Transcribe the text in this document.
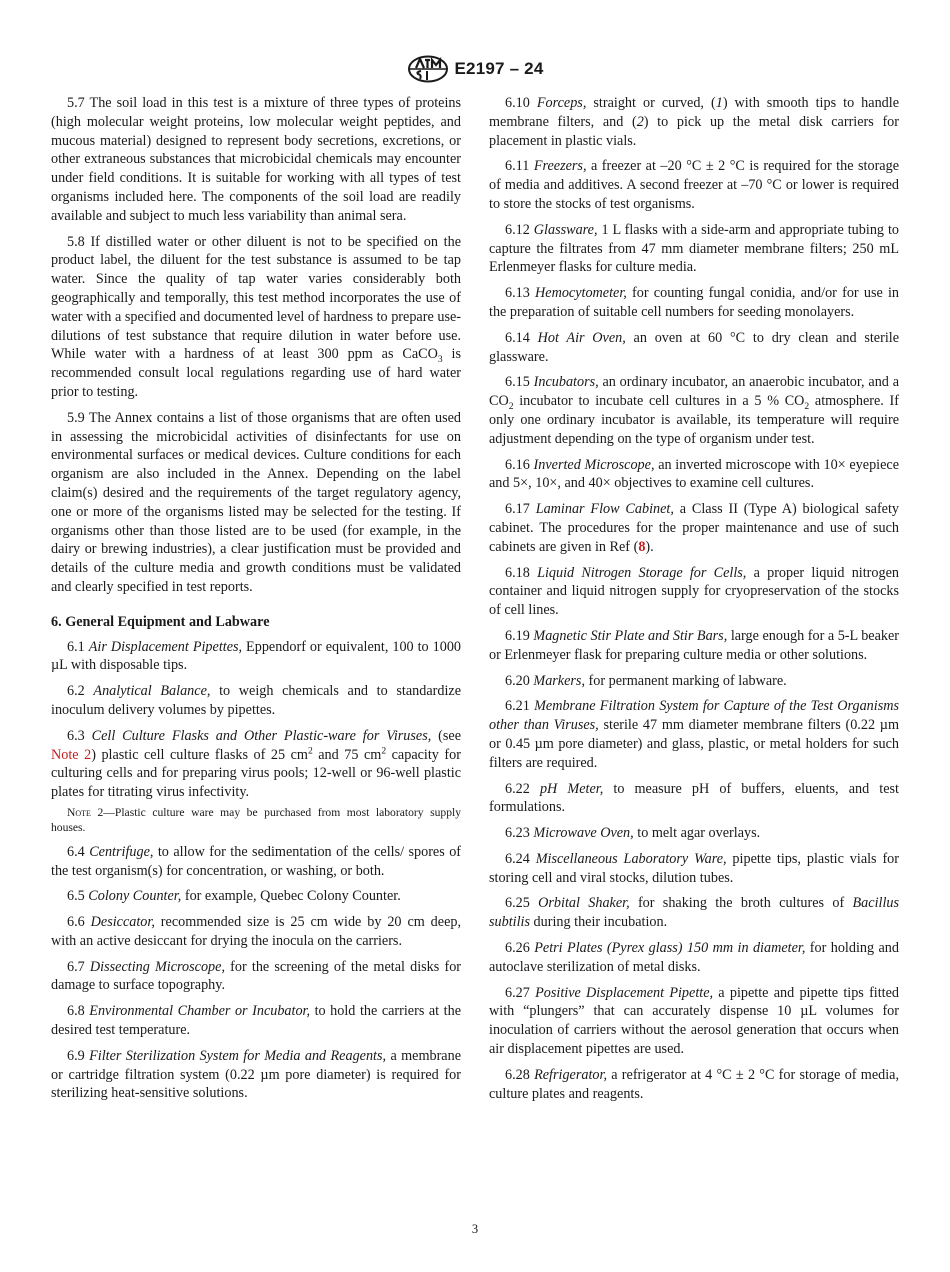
E2197 – 24

5.7 The soil load in this test is a mixture of three types of proteins (high molecular weight proteins, low molecular weight peptides, and mucous material) designed to represent body secretions, excretions, or other extraneous substances that microbicidal chemicals may encounter under field conditions. It is suitable for working with all types of test organisms included here. The components of the soil load are readily available and subject to much less variability than animal sera.

5.8 If distilled water or other diluent is not to be specified on the product label, the diluent for the test substance is assumed to be tap water. Since the quality of tap water varies considerably both geographically and temporally, this test method incorporates the use of water with a specified and documented level of hardness to prepare use-dilutions of test substance that require dilution in water before use. While water with a hardness of at least 300 ppm as CaCO$_3$ is recommended consult local regulations regarding use of hard water prior to testing.

5.9 The Annex contains a list of those organisms that are often used in assessing the microbicidal activities of disinfectants for use on environmental surfaces or medical devices. Culture conditions for each organism are also included in the Annex. Depending on the label claim(s) desired and the requirements of the target regulatory agency, one or more of the organisms listed may be selected for the testing. If organisms other than those listed are to be used (for example, in the dairy or brewing industries), a clear justification must be provided and details of the culture media and growth conditions must be validated and clearly specified in test reports.

6. General Equipment and Labware

6.1 Air Displacement Pipettes, Eppendorf or equivalent, 100 to 1000 µL with disposable tips.

6.2 Analytical Balance, to weigh chemicals and to standardize inoculum delivery volumes by pipettes.

6.3 Cell Culture Flasks and Other Plastic-ware for Viruses, (see Note 2) plastic cell culture flasks of 25 $cm^2$ and 75 $cm^2$ capacity for culturing cells and for preparing virus pools; 12-well or 96-well plastic plates for titrating virus infectivity.

Note 2—Plastic culture ware may be purchased from most laboratory supply houses.

6.4 Centrifuge, to allow for the sedimentation of the cells/ spores of the test organism(s) for concentration, or washing, or both.

6.5 Colony Counter, for example, Quebec Colony Counter.

6.6 Desiccator, recommended size is 25 cm wide by 20 cm deep, with an active desiccant for drying the inocula on the carriers.

6.7 Dissecting Microscope, for the screening of the metal disks for damage to surface topography.

6.8 Environmental Chamber or Incubator, to hold the carriers at the desired test temperature.

6.9 Filter Sterilization System for Media and Reagents, a membrane or cartridge filtration system (0.22 µm pore diameter) is required for sterilizing heat-sensitive solutions.

6.10 Forceps, straight or curved, (1) with smooth tips to handle membrane filters, and (2) to pick up the metal disk carriers for placement in plastic vials.

6.11 Freezers, a freezer at –20 °C ± 2 °C is required for the storage of media and additives. A second freezer at –70 °C or lower is required to store the stocks of test organisms.

6.12 Glassware, 1 L flasks with a side-arm and appropriate tubing to capture the filtrates from 47 mm diameter membrane filters; 250 mL Erlenmeyer flasks for culture media.

6.13 Hemocytometer, for counting fungal conidia, and/or for use in the preparation of suitable cell numbers for seeding monolayers.

6.14 Hot Air Oven, an oven at 60 °C to dry clean and sterile glassware.

6.15 Incubators, an ordinary incubator, an anaerobic incubator, and a $CO_2$ incubator to incubate cell cultures in a 5 % $CO_2$ atmosphere. If only one ordinary incubator is available, its temperature will require adjustment depending on the type of organism under test.

6.16 Inverted Microscope, an inverted microscope with 10× eyepiece and 5×, 10×, and 40× objectives to examine cell cultures.

6.17 Laminar Flow Cabinet, a Class II (Type A) biological safety cabinet. The procedures for the proper maintenance and use of such cabinets are given in Ref (8).

6.18 Liquid Nitrogen Storage for Cells, a proper liquid nitrogen container and liquid nitrogen supply for cryopreservation of the stocks of cell lines.

6.19 Magnetic Stir Plate and Stir Bars, large enough for a 5-L beaker or Erlenmeyer flask for preparing culture media or other solutions.

6.20 Markers, for permanent marking of labware.

6.21 Membrane Filtration System for Capture of the Test Organisms other than Viruses, sterile 47 mm diameter membrane filters (0.22 µm or 0.45 µm pore diameter) and glass, plastic, or metal holders for such filters are required.

6.22 pH Meter, to measure pH of buffers, eluents, and test formulations.

6.23 Microwave Oven, to melt agar overlays.

6.24 Miscellaneous Laboratory Ware, pipette tips, plastic vials for storing cell and viral stocks, dilution tubes.

6.25 Orbital Shaker, for shaking the broth cultures of Bacillus subtilis during their incubation.

6.26 Petri Plates (Pyrex glass) 150 mm in diameter, for holding and autoclave sterilization of metal disks.

6.27 Positive Displacement Pipette, a pipette and pipette tips fitted with “plungers” that can accurately dispense 10 µL volumes for inoculation of carriers without the aerosol generation that occurs when air displacement pipettes are used.

6.28 Refrigerator, a refrigerator at 4 °C ± 2 °C for storage of media, culture plates and reagents.

3
